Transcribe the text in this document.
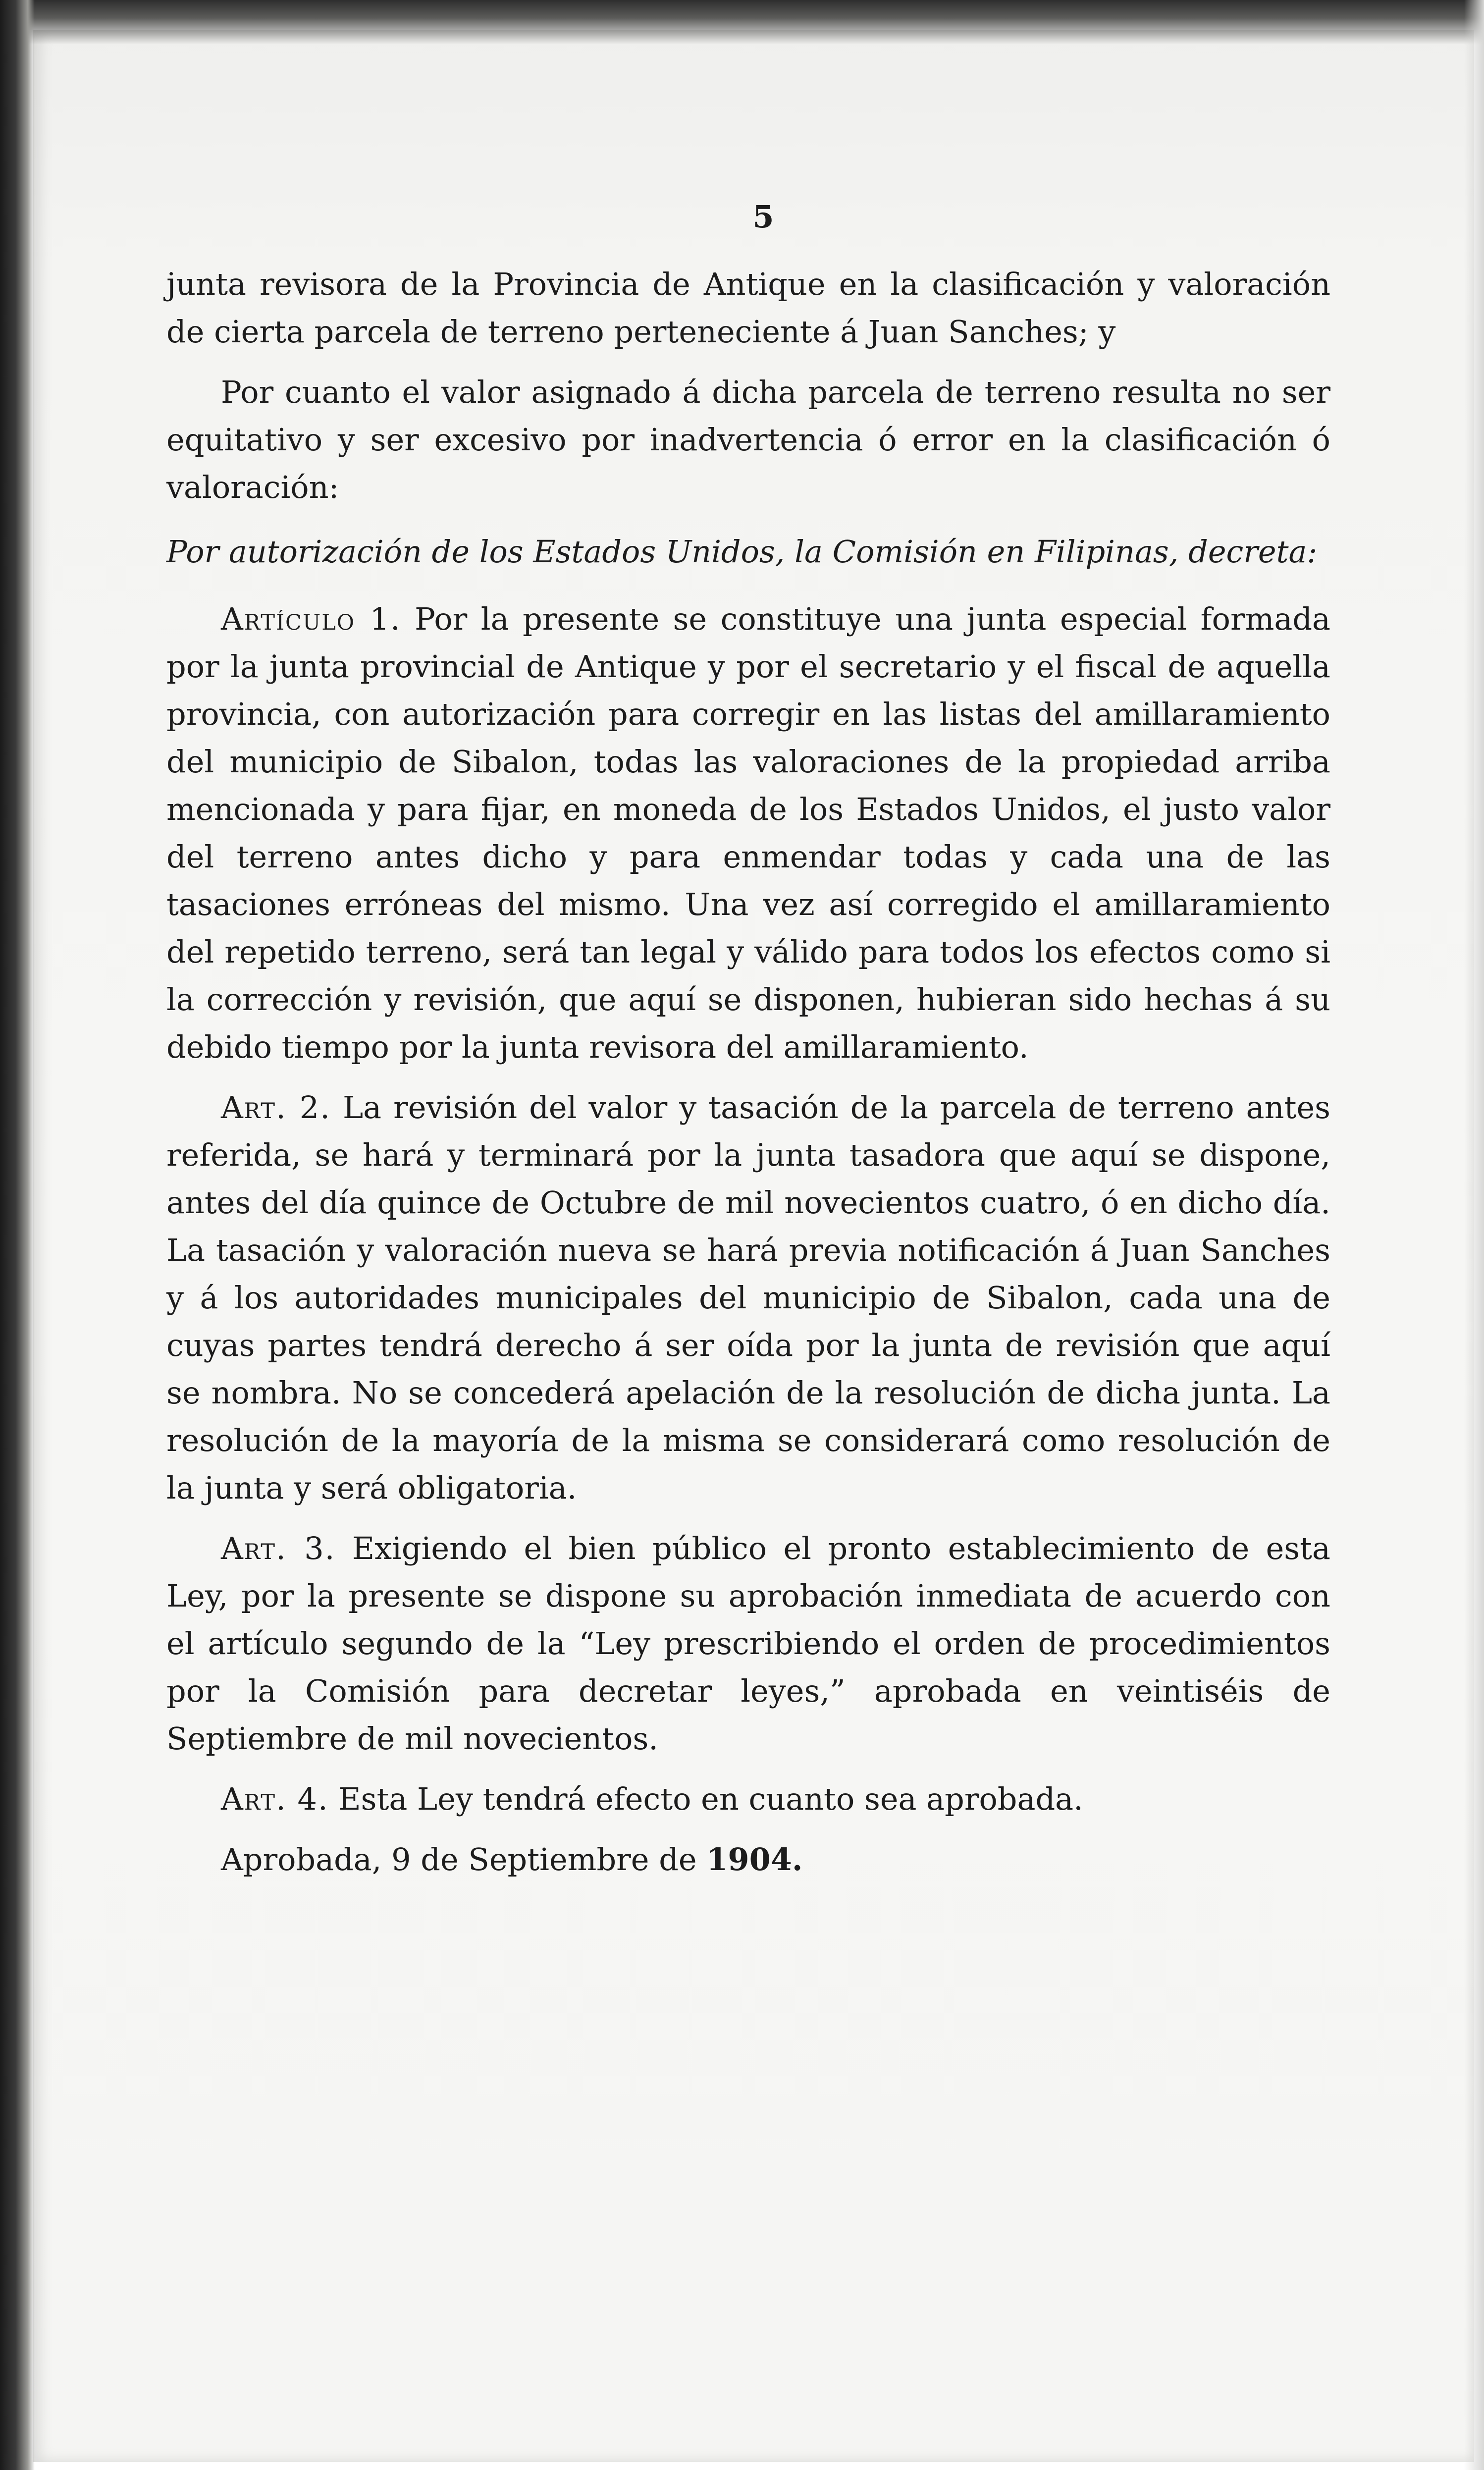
5

junta revisora de la Provincia de Antique en la clasificación y valoración de cierta parcela de terreno perteneciente á Juan Sanches; y

Por cuanto el valor asignado á dicha parcela de terreno resulta no ser equitativo y ser excesivo por inadvertencia ó error en la clasificación ó valoración:

Por autorización de los Estados Unidos, la Comisión en Filipinas, decreta:

Artículo 1. Por la presente se constituye una junta especial formada por la junta provincial de Antique y por el secretario y el fiscal de aquella provincia, con autorización para corregir en las listas del amillaramiento del municipio de Sibalon, todas las valoraciones de la propiedad arriba mencionada y para fijar, en moneda de los Estados Unidos, el justo valor del terreno antes dicho y para enmendar todas y cada una de las tasaciones erróneas del mismo. Una vez así corregido el amillaramiento del repetido terreno, será tan legal y válido para todos los efectos como si la corrección y revisión, que aquí se disponen, hubieran sido hechas á su debido tiempo por la junta revisora del amillaramiento.

Art. 2. La revisión del valor y tasación de la parcela de terreno antes referida, se hará y terminará por la junta tasadora que aquí se dispone, antes del día quince de Octubre de mil novecientos cuatro, ó en dicho día. La tasación y valoración nueva se hará previa notificación á Juan Sanches y á los autoridades municipales del municipio de Sibalon, cada una de cuyas partes tendrá derecho á ser oída por la junta de revisión que aquí se nombra. No se concederá apelación de la resolución de dicha junta. La resolución de la mayoría de la misma se considerará como resolución de la junta y será obligatoria.

Art. 3. Exigiendo el bien público el pronto establecimiento de esta Ley, por la presente se dispone su aprobación inmediata de acuerdo con el artículo segundo de la “Ley prescribiendo el orden de procedimientos por la Comisión para decretar leyes,” aprobada en veintiséis de Septiembre de mil novecientos.

Art. 4. Esta Ley tendrá efecto en cuanto sea aprobada.

Aprobada, 9 de Septiembre de 1904.
